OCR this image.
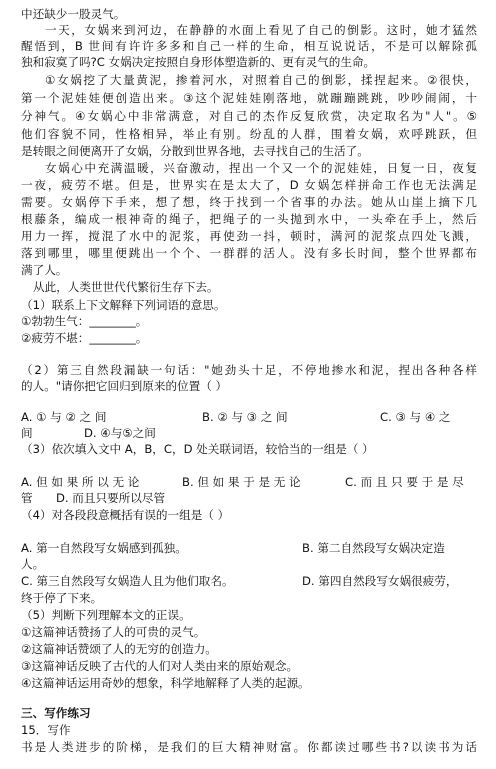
中还缺少一股灵气。
一天，女娲来到河边，在静静的水面上看见了自己的倒影。这时，她才猛然
醒悟到，B 世间有许许多多和自己一样的生命，相互说说话，不是可以解除孤
独和寂寞了吗?C 女娲决定按照自身形体塑造新的、更有灵气的生命。
①女娲挖了大量黄泥，掺着河水，对照着自己的倒影，揉捏起来。②很快，
第一个泥娃娃便创造出来。③这个泥娃娃刚落地，就蹦蹦跳跳，吵吵闹闹，十
分神气。④女娲心中非常满意，对自己的杰作反复欣赏，决定取名为"人"。⑤
他们容貌不同，性格相异，举止有别。纷乱的人群，围着女娲，欢呼跳跃，但
是转眼之间便离开了女娲，分散到世界各地，去寻找自己的生活了。
女娲心中充满温暖，兴奋激动，捏出一个又一个的泥娃娃，日复一日，夜复
一夜，疲劳不堪。但是，世界实在是太大了，D 女娲怎样拼命工作也无法满足
需要。女娲停下手来，想了想，终于找到一个省事的办法。她从山崖上摘下几
根藤条，编成一根神奇的绳子，把绳子的一头抛到水中，一头牵在手上，然后
用力一挥，搅混了水中的泥浆，再使劲一抖，顿时，满河的泥浆点四处飞溅，
落到哪里，哪里便跳出一个个、一群群的活人。没有多长时间，整个世界都布
满了人。
从此，人类世世代代繁衍生存下去。
（1）联系上下文解释下列词语的意思。
①勃勃生气：________。
②疲劳不堪：________。
（2）第三自然段漏缺一句话："她劲头十足，不停地掺水和泥，捏出各种各样
的人。"请你把它回归到原来的位置（ ）
A. ① 与 ② 之 间	B. ② 与 ③ 之 间	C. ③ 与 ④ 之
间	D. ④与⑤之间
（3）依次填入文中 A，B，C，D 处关联词语，较恰当的一组是（ ）
A. 但 如 果 所 以 无 论	B. 但 如 果 于 是 无 论	C. 而 且 只 要 于 是 尽
管 D. 而且只要所以尽管
（4）对各段段意概括有误的一组是（ ）
A. 第一自然段写女娲感到孤独。	B. 第二自然段写女娲决定造
人。
C. 第三自然段写女娲造人且为他们取名。	D. 第四自然段写女娲很疲劳，
终于停了下来。
（5）判断下列理解本文的正误。
①这篇神话赞扬了人的可贵的灵气。
②这篇神话赞颂了人的无穷的创造力。
③这篇神话反映了古代的人们对人类由来的原始观念。
④这篇神话运用奇妙的想象，科学地解释了人类的起源。
三、写作练习
15．写作
书是人类进步的阶梯，是我们的巨大精神财富。你都读过哪些书?以读书为话
